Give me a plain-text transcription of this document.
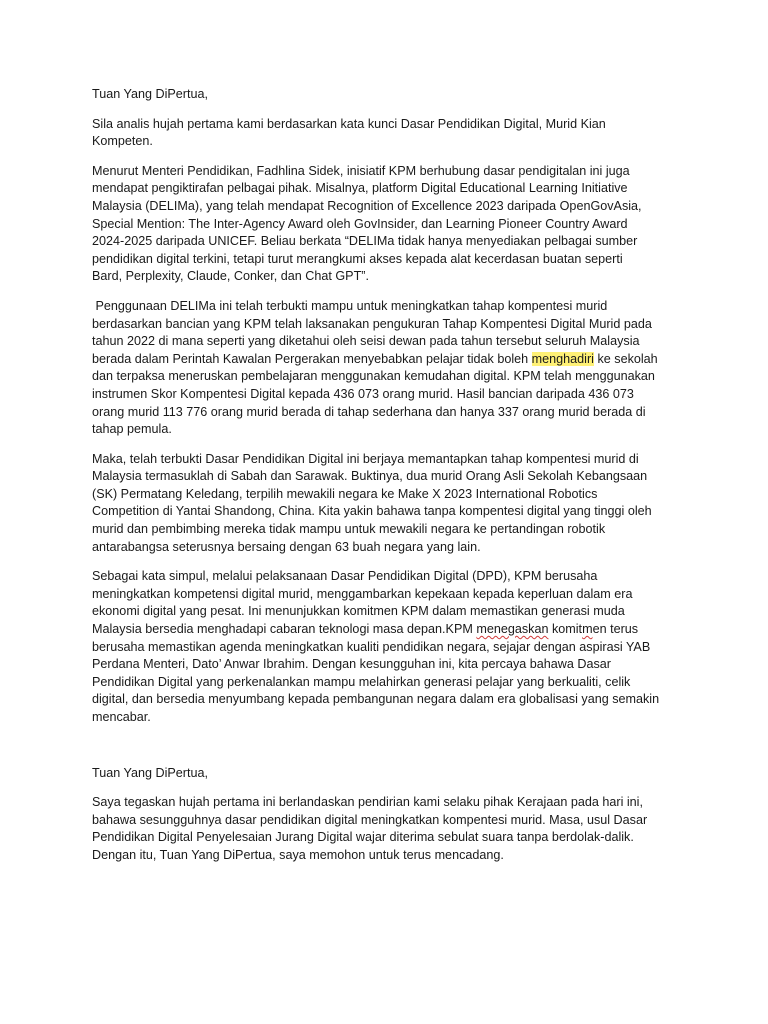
Tuan Yang DiPertua,

Sila analis hujah pertama kami berdasarkan kata kunci Dasar Pendidikan Digital, Murid Kian
Kompeten.

Menurut Menteri Pendidikan, Fadhlina Sidek, inisiatif KPM berhubung dasar pendigitalan ini juga
mendapat pengiktirafan pelbagai pihak. Misalnya, platform Digital Educational Learning Initiative
Malaysia (DELIMa), yang telah mendapat Recognition of Excellence 2023 daripada OpenGovAsia,
Special Mention: The Inter-Agency Award oleh GovInsider, dan Learning Pioneer Country Award
2024-2025 daripada UNICEF. Beliau berkata “DELIMa tidak hanya menyediakan pelbagai sumber
pendidikan digital terkini, tetapi turut merangkumi akses kepada alat kecerdasan buatan seperti
Bard, Perplexity, Claude, Conker, dan Chat GPT”.

Penggunaan DELIMa ini telah terbukti mampu untuk meningkatkan tahap kompentesi murid
berdasarkan bancian yang KPM telah laksanakan pengukuran Tahap Kompentesi Digital Murid pada
tahun 2022 di mana seperti yang diketahui oleh seisi dewan pada tahun tersebut seluruh Malaysia
berada dalam Perintah Kawalan Pergerakan menyebabkan pelajar tidak boleh menghadiri ke sekolah
dan terpaksa meneruskan pembelajaran menggunakan kemudahan digital. KPM telah menggunakan
instrumen Skor Kompentesi Digital kepada 436 073 orang murid. Hasil bancian daripada 436 073
orang murid 113 776 orang murid berada di tahap sederhana dan hanya 337 orang murid berada di
tahap pemula.

Maka, telah terbukti Dasar Pendidikan Digital ini berjaya memantapkan tahap kompentesi murid di
Malaysia termasuklah di Sabah dan Sarawak. Buktinya, dua murid Orang Asli Sekolah Kebangsaan
(SK) Permatang Keledang, terpilih mewakili negara ke Make X 2023 International Robotics
Competition di Yantai Shandong, China. Kita yakin bahawa tanpa kompentesi digital yang tinggi oleh
murid dan pembimbing mereka tidak mampu untuk mewakili negara ke pertandingan robotik
antarabangsa seterusnya bersaing dengan 63 buah negara yang lain.

Sebagai kata simpul, melalui pelaksanaan Dasar Pendidikan Digital (DPD), KPM berusaha
meningkatkan kompetensi digital murid, menggambarkan kepekaan kepada keperluan dalam era
ekonomi digital yang pesat. Ini menunjukkan komitmen KPM dalam memastikan generasi muda
Malaysia bersedia menghadapi cabaran teknologi masa depan.KPM menegaskan komitmen terus
berusaha memastikan agenda meningkatkan kualiti pendidikan negara, sejajar dengan aspirasi YAB
Perdana Menteri, Dato’ Anwar Ibrahim. Dengan kesungguhan ini, kita percaya bahawa Dasar
Pendidikan Digital yang perkenalankan mampu melahirkan generasi pelajar yang berkualiti, celik
digital, dan bersedia menyumbang kepada pembangunan negara dalam era globalisasi yang semakin
mencabar.

Tuan Yang DiPertua,

Saya tegaskan hujah pertama ini berlandaskan pendirian kami selaku pihak Kerajaan pada hari ini,
bahawa sesungguhnya dasar pendidikan digital meningkatkan kompentesi murid. Masa, usul Dasar
Pendidikan Digital Penyelesaian Jurang Digital wajar diterima sebulat suara tanpa berdolak-dalik.
Dengan itu, Tuan Yang DiPertua, saya memohon untuk terus mencadang.
